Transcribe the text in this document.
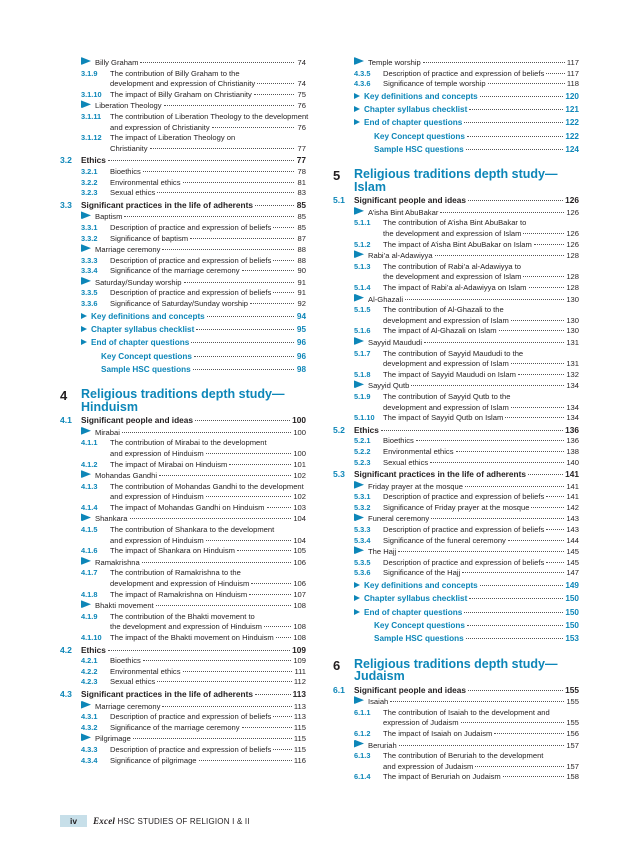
Billy Graham	74
3.1.9 The contribution of Billy Graham to the
development and expression of Christianity	74
3.1.10 The impact of Billy Graham on Christianity	75
Liberation Theology	76
3.1.11 The contribution of Liberation Theology to the development
and expression of Christianity	76
3.1.12 The impact of Liberation Theology on
Christianity	77
3.2 Ethics	77
3.2.1 Bioethics	78
3.2.2 Environmental ethics	81
3.2.3 Sexual ethics	83
3.3 Significant practices in the life of adherents	85
Baptism	85
3.3.1 Description of practice and expression of beliefs	85
3.3.2 Significance of baptism	87
Marriage ceremony	88
3.3.3 Description of practice and expression of beliefs	88
3.3.4 Significance of the marriage ceremony	90
Saturday/Sunday worship	91
3.3.5 Description of practice and expression of beliefs	91
3.3.6 Significance of Saturday/Sunday worship	92
Key definitions and concepts	94
Chapter syllabus checklist	95
End of chapter questions	96
Key Concept questions	96
Sample HSC questions	98
4 Religious traditions depth study—
Hinduism
4.1 Significant people and ideas	100
Mirabai	100
4.1.1 The contribution of Mirabai to the development
and expression of Hinduism	100
4.1.2 The impact of Mirabai on Hinduism	101
Mohandas Gandhi	102
4.1.3 The contribution of Mohandas Gandhi to the development
and expression of Hinduism	102
4.1.4 The impact of Mohandas Gandhi on Hinduism	103
Shankara	104
4.1.5 The contribution of Shankara to the development
and expression of Hinduism	104
4.1.6 The impact of Shankara on Hinduism	105
Ramakrishna	106
4.1.7 The contribution of Ramakrishna to the
development and expression of Hinduism	106
4.1.8 The impact of Ramakrishna on Hinduism	107
Bhakti movement	108
4.1.9 The contribution of the Bhakti movement to
the development and expression of Hinduism	108
4.1.10 The impact of the Bhakti movement on Hinduism	108
4.2 Ethics	109
4.2.1 Bioethics	109
4.2.2 Environmental ethics	111
4.2.3 Sexual ethics	112
4.3 Significant practices in the life of adherents	113
Marriage ceremony	113
4.3.1 Description of practice and expression of beliefs	113
4.3.2 Significance of the marriage ceremony	115
Pilgrimage	115
4.3.3 Description of practice and expression of beliefs	115
4.3.4 Significance of pilgrimage	116
Temple worship	117
4.3.5 Description of practice and expression of beliefs	117
4.3.6 Significance of temple worship	118
Key definitions and concepts	120
Chapter syllabus checklist	121
End of chapter questions	122
Key Concept questions	122
Sample HSC questions	124
5 Religious traditions depth study—
Islam
5.1 Significant people and ideas	126
A’isha Bint AbuBakar	126
5.1.1 The contribution of A’isha Bint AbuBakar to
the development and expression of Islam	126
5.1.2 The impact of A’isha Bint AbuBakar on Islam	126
Rabi’a al-Adawiyya	128
5.1.3 The contribution of Rabi’a al-Adawiyya to
the development and expression of Islam	128
5.1.4 The impact of Rabi’a al-Adawiyya on Islam	128
Al-Ghazali	130
5.1.5 The contribution of Al-Ghazali to the
development and expression of Islam	130
5.1.6 The impact of Al-Ghazali on Islam	130
Sayyid Maududi	131
5.1.7 The contribution of Sayyid Maududi to the
development and expression of Islam	131
5.1.8 The impact of Sayyid Maududi on Islam	132
Sayyid Qutb	134
5.1.9 The contribution of Sayyid Qutb to the
development and expression of Islam	134
5.1.10 The impact of Sayyid Qutb on Islam	134
5.2 Ethics	136
5.2.1 Bioethics	136
5.2.2 Environmental ethics	138
5.2.3 Sexual ethics	140
5.3 Significant practices in the life of adherents	141
Friday prayer at the mosque	141
5.3.1 Description of practice and expression of beliefs	141
5.3.2 Significance of Friday prayer at the mosque	142
Funeral ceremony	143
5.3.3 Description of practice and expression of beliefs	143
5.3.4 Significance of the funeral ceremony	144
The Hajj	145
5.3.5 Description of practice and expression of beliefs	145
5.3.6 Significance of the Hajj	147
Key definitions and concepts	149
Chapter syllabus checklist	150
End of chapter questions	150
Key Concept questions	150
Sample HSC questions	153
6 Religious traditions depth study—
Judaism
6.1 Significant people and ideas	155
Isaiah	155
6.1.1 The contribution of Isaiah to the development and
expression of Judaism	155
6.1.2 The impact of Isaiah on Judaism	156
Beruriah	157
6.1.3 The contribution of Beruriah to the development
and expression of Judaism	157
6.1.4 The impact of Beruriah on Judaism	158
iv	Excel HSC STUDIES OF RELIGION I & II
